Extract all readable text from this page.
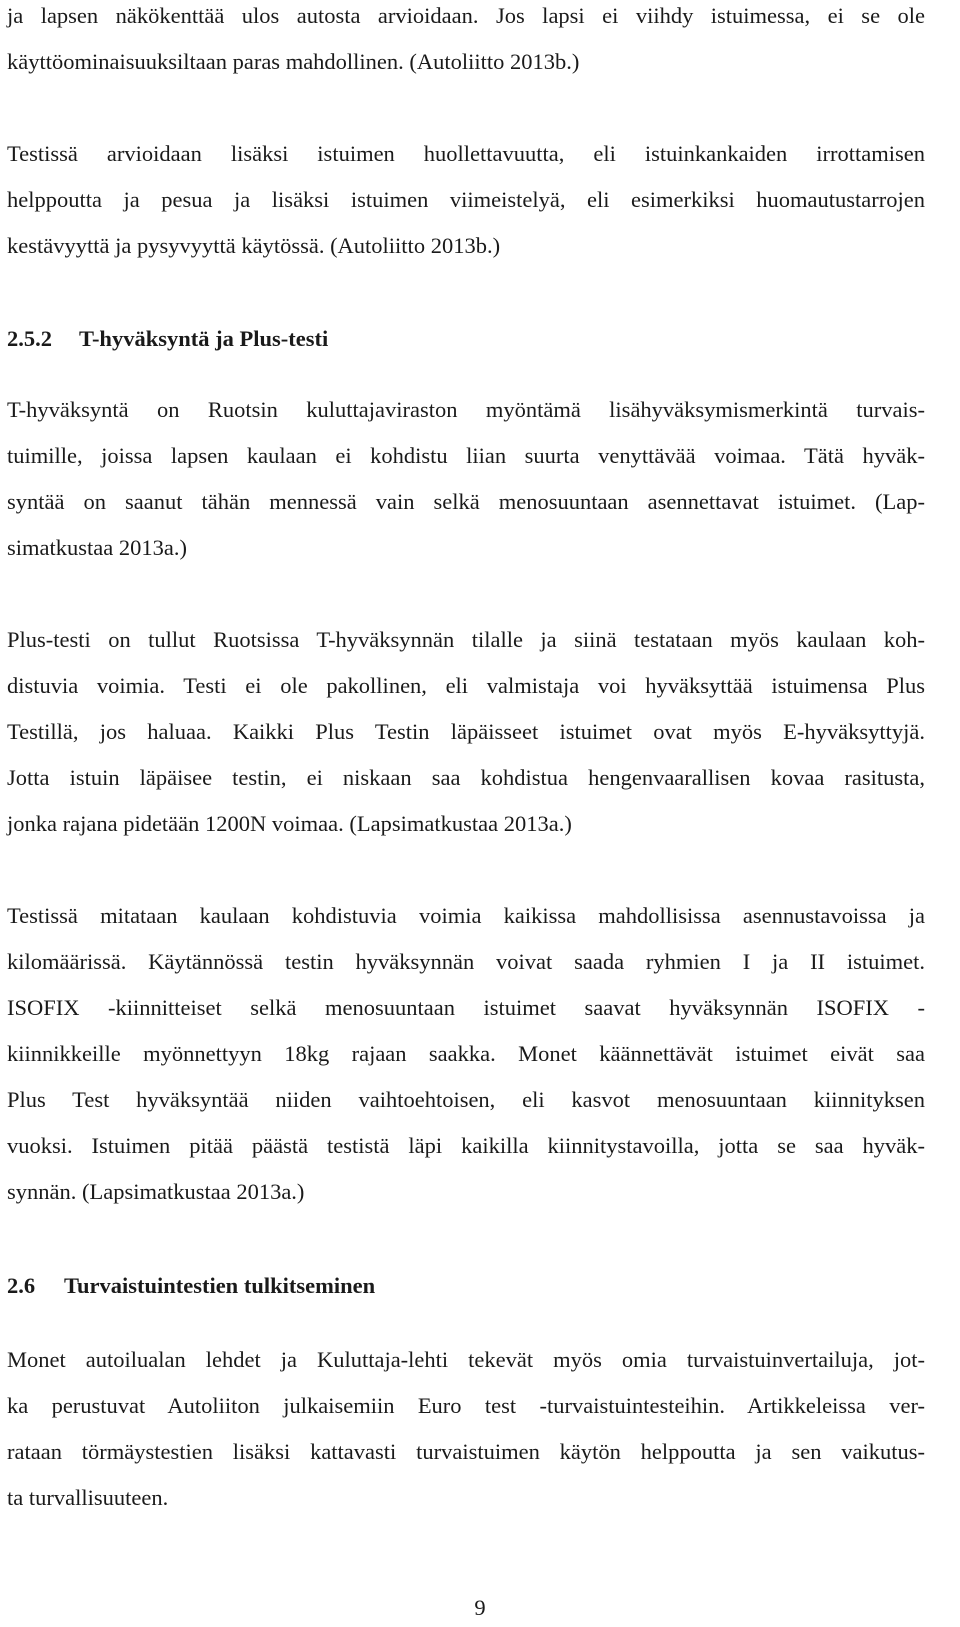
ja lapsen näkökenttää ulos autosta arvioidaan. Jos lapsi ei viihdy istuimessa, ei se ole
käyttöominaisuuksiltaan paras mahdollinen. (Autoliitto 2013b.)
Testissä arvioidaan lisäksi istuimen huollettavuutta, eli istuinkankaiden irrottamisen
helppoutta ja pesua ja lisäksi istuimen viimeistelyä, eli esimerkiksi huomautustarrojen
kestävyyttä ja pysyvyyttä käytössä. (Autoliitto 2013b.)
2.5.2 T-hyväksyntä ja Plus-testi
T-hyväksyntä on Ruotsin kuluttajaviraston myöntämä lisähyväksymismerkintä turvais-
tuimille, joissa lapsen kaulaan ei kohdistu liian suurta venyttävää voimaa. Tätä hyväk-
syntää on saanut tähän mennessä vain selkä menosuuntaan asennettavat istuimet. (Lap-
simatkustaa 2013a.)
Plus-testi on tullut Ruotsissa T-hyväksynnän tilalle ja siinä testataan myös kaulaan koh-
distuvia voimia. Testi ei ole pakollinen, eli valmistaja voi hyväksyttää istuimensa Plus
Testillä, jos haluaa. Kaikki Plus Testin läpäisseet istuimet ovat myös E-hyväksyttyjä.
Jotta istuin läpäisee testin, ei niskaan saa kohdistua hengenvaarallisen kovaa rasitusta,
jonka rajana pidetään 1200N voimaa. (Lapsimatkustaa 2013a.)
Testissä mitataan kaulaan kohdistuvia voimia kaikissa mahdollisissa asennustavoissa ja
kilomäärissä. Käytännössä testin hyväksynnän voivat saada ryhmien I ja II istuimet.
ISOFIX -kiinnitteiset selkä menosuuntaan istuimet saavat hyväksynnän ISOFIX -
kiinnikkeille myönnettyyn 18kg rajaan saakka. Monet käännettävät istuimet eivät saa
Plus Test hyväksyntää niiden vaihtoehtoisen, eli kasvot menosuuntaan kiinnityksen
vuoksi. Istuimen pitää päästä testistä läpi kaikilla kiinnitystavoilla, jotta se saa hyväk-
synnän. (Lapsimatkustaa 2013a.)
2.6 Turvaistuintestien tulkitseminen
Monet autoilualan lehdet ja Kuluttaja-lehti tekevät myös omia turvaistuinvertailuja, jot-
ka perustuvat Autoliiton julkaisemiin Euro test -turvaistuintesteihin. Artikkeleissa ver-
rataan törmäystestien lisäksi kattavasti turvaistuimen käytön helppoutta ja sen vaikutus-
ta turvallisuuteen.
9
